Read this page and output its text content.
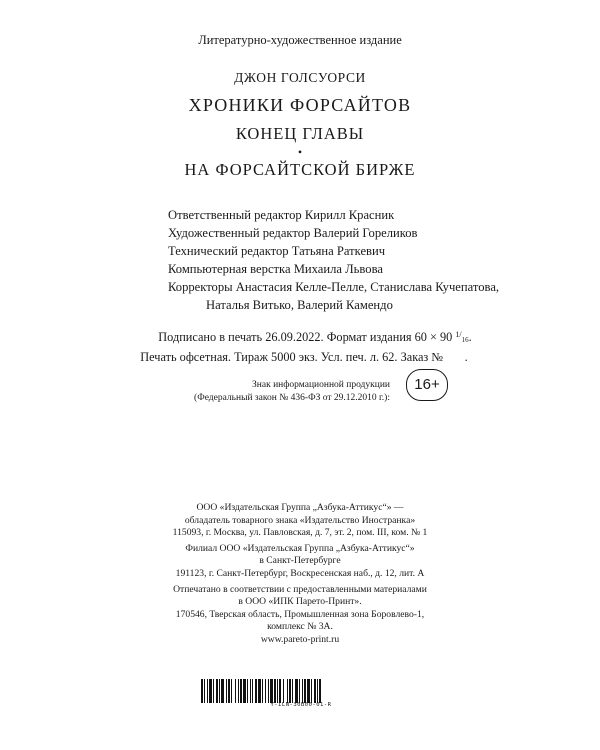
Литературно-художественное издание
ДЖОН ГОЛСУОРСИ
ХРОНИКИ ФОРСАЙТОВ
КОНЕЦ ГЛАВЫ
•
НА ФОРСАЙТСКОЙ БИРЖЕ
Ответственный редактор Кирилл Красник
Художественный редактор Валерий Гореликов
Технический редактор Татьяна Раткевич
Компьютерная верстка Михаила Львова
Корректоры Анастасия Келле-Пелле, Станислава Кучепатова,
Наталья Витько, Валерий Камендо
Подписано в печать 26.09.2022. Формат издания 60 × 90 $^{1/}$16.
Печать офсетная. Тираж 5000 экз. Усл. печ. л. 62. Заказ № .
Знак информационной продукции
(Федеральный закон № 436-ФЗ от 29.12.2010 г.):
16+
ООО «Издательская Группа „Азбука-Аттикус“» —
обладатель товарного знака «Издательство Иностранка»
115093, г. Москва, ул. Павловская, д. 7, эт. 2, пом. III, ком. № 1
Филиал ООО «Издательская Группа „Азбука-Аттикус“»
в Санкт-Петербурге
191123, г. Санкт-Петербург, Воскресенская наб., д. 12, лит. А
Отпечатано в соответствии с предоставленными материалами
в ООО «ИПК Парето-Принт».
170546, Тверская область, Промышленная зона Боровлево-1,
комплекс № 3А.
www.pareto-print.ru
Y-ILN-30B00-01-R
